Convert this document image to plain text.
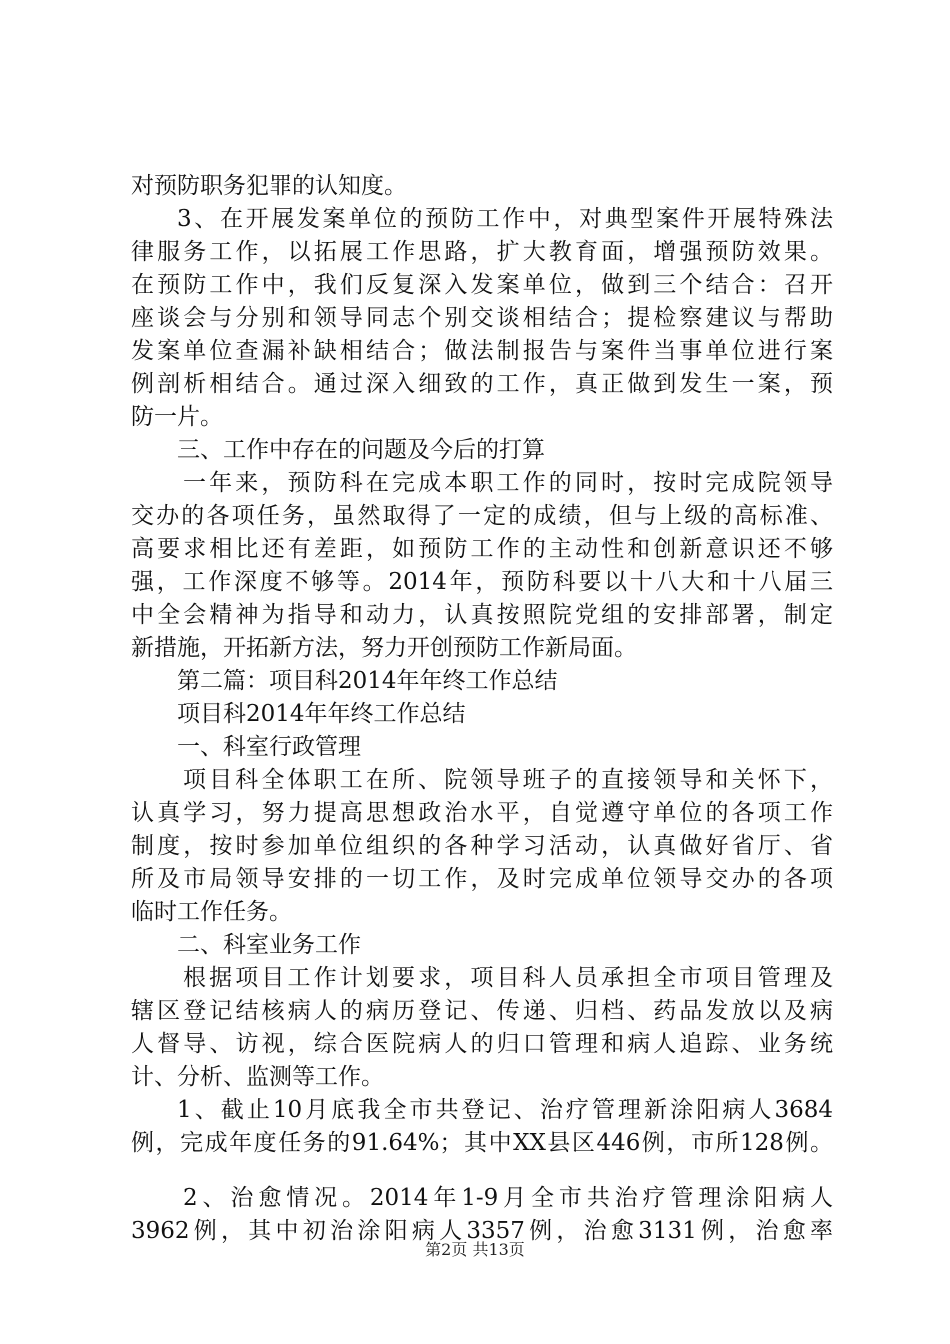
对预防职务犯罪的认知度。
3、在开展发案单位的预防工作中，对典型案件开展特殊法
律服务工作，以拓展工作思路，扩大教育面，增强预防效果。
在预防工作中，我们反复深入发案单位，做到三个结合：召开
座谈会与分别和领导同志个别交谈相结合；提检察建议与帮助
发案单位查漏补缺相结合；做法制报告与案件当事单位进行案
例剖析相结合。通过深入细致的工作，真正做到发生一案，预
防一片。
三、工作中存在的问题及今后的打算
一年来，预防科在完成本职工作的同时，按时完成院领导
交办的各项任务，虽然取得了一定的成绩，但与上级的高标准、
高要求相比还有差距，如预防工作的主动性和创新意识还不够
强，工作深度不够等。2014年，预防科要以十八大和十八届三
中全会精神为指导和动力，认真按照院党组的安排部署，制定
新措施，开拓新方法，努力开创预防工作新局面。
第二篇：项目科2014年年终工作总结
项目科2014年年终工作总结
一、科室行政管理
项目科全体职工在所、院领导班子的直接领导和关怀下，
认真学习，努力提高思想政治水平，自觉遵守单位的各项工作
制度，按时参加单位组织的各种学习活动，认真做好省厅、省
所及市局领导安排的一切工作，及时完成单位领导交办的各项
临时工作任务。
二、科室业务工作
根据项目工作计划要求，项目科人员承担全市项目管理及
辖区登记结核病人的病历登记、传递、归档、药品发放以及病
人督导、访视，综合医院病人的归口管理和病人追踪、业务统
计、分析、监测等工作。
1、截止10月底我全市共登记、治疗管理新涂阳病人3684
例，完成年度任务的91.64%；其中XX县区446例，市所128例。
2、治愈情况。2014年1-9月全市共治疗管理涂阳病人
3962例，其中初治涂阳病人3357例，治愈3131例，治愈率
第2页 共13页
